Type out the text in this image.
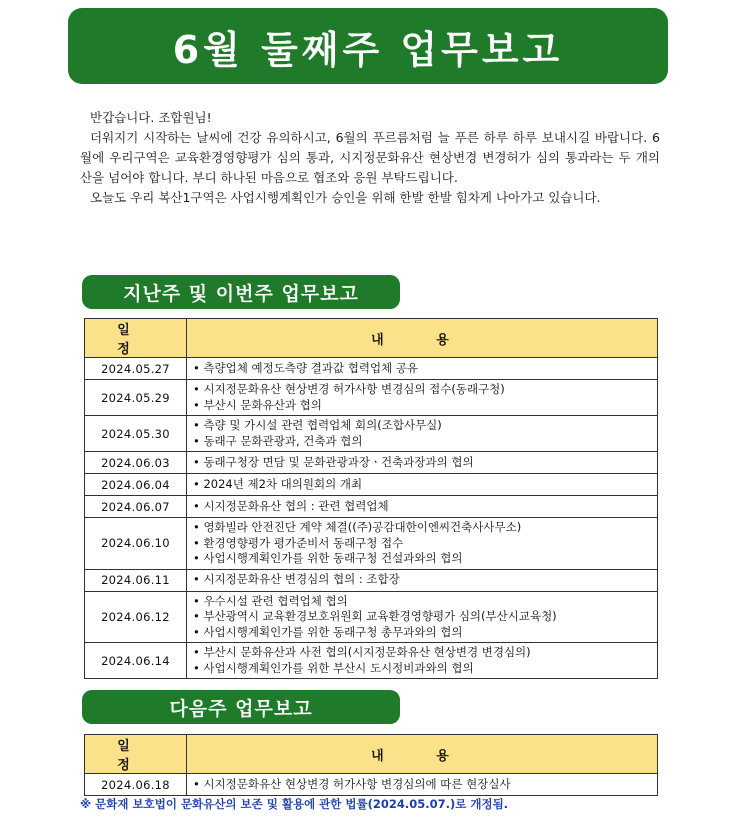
6월 둘째주 업무보고

반갑습니다. 조합원님!

더워지기 시작하는 날씨에 건강 유의하시고, 6월의 푸르름처럼 늘 푸른 하루 하루 보내시길 바랍니다. 6월에 우리구역은 교육환경영향평가 심의 통과, 시지정문화유산 현상변경 변경허가 심의 통과라는 두 개의 산을 넘어야 합니다. 부디 하나된 마음으로 협조와 응원 부탁드립니다.

오늘도 우리 복산1구역은 사업시행계획인가 승인을 위해 한발 한발 힘차게 나아가고 있습니다.

지난주 및 이번주 업무보고
일 정	내 용
2024.05.27	• 측량업체 예정도측량 결과값 협력업체 공유

2024.05.29	• 시지정문화유산 현상변경 허가사항 변경심의 접수(동래구청)
• 부산시 문화유산과 협의

2024.05.30	• 측량 및 가시설 관련 협력업체 회의(조합사무실)
• 동래구 문화관광과, 건축과 협의

2024.06.03	• 동래구청장 면담 및 문화관광과장ㆍ건축과장과의 협의

2024.06.04	• 2024년 제2차 대의원회의 개최

2024.06.07	• 시지정문화유산 협의 : 관련 협력업체

2024.06.10	• 영화빌라 안전진단 계약 체결((주)공감대한이엔씨건축사사무소)
• 환경영향평가 평가준비서 동래구청 접수
• 사업시행계획인가를 위한 동래구청 건설과와의 협의

2024.06.11	• 시지정문화유산 변경심의 협의 : 조합장

2024.06.12	• 우수시설 관련 협력업체 협의
• 부산광역시 교육환경보호위원회 교육환경영향평가 심의(부산시교육청)
• 사업시행계획인가를 위한 동래구청 총무과와의 협의

2024.06.14	• 부산시 문화유산과 사전 협의(시지정문화유산 현상변경 변경심의)
• 사업시행계획인가를 위한 부산시 도시정비과와의 협의
다음주 업무보고
일 정	내 용
2024.06.18	• 시지정문화유산 현상변경 허가사항 변경심의에 따른 현장실사
※ 문화재 보호법이 문화유산의 보존 및 활용에 관한 법률(2024.05.07.)로 개정됨.
